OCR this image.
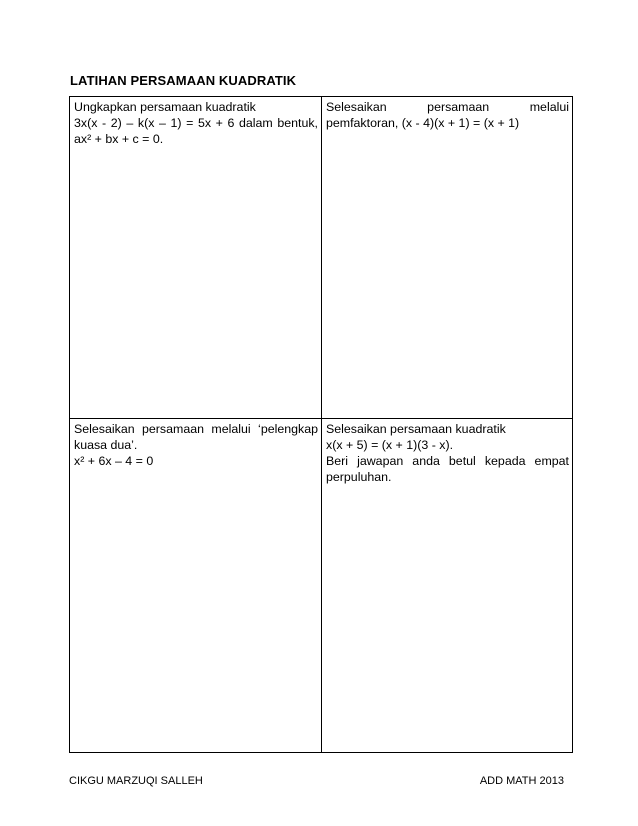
LATIHAN PERSAMAAN KUADRATIK
Ungkapkan persamaan kuadratik
3x(x - 2) – k(x – 1) = 5x + 6 dalam bentuk,
ax² + bx + c = 0.
Selesaikan persamaan melalui
pemfaktoran, (x - 4)(x + 1) = (x + 1)
Selesaikan persamaan melalui ‘pelengkap
kuasa dua’.
x² + 6x – 4 = 0
Selesaikan persamaan kuadratik
x(x + 5) = (x + 1)(3 - x).
Beri jawapan anda betul kepada empat
perpuluhan.
CIKGU MARZUQI SALLEH	ADD MATH 2013
